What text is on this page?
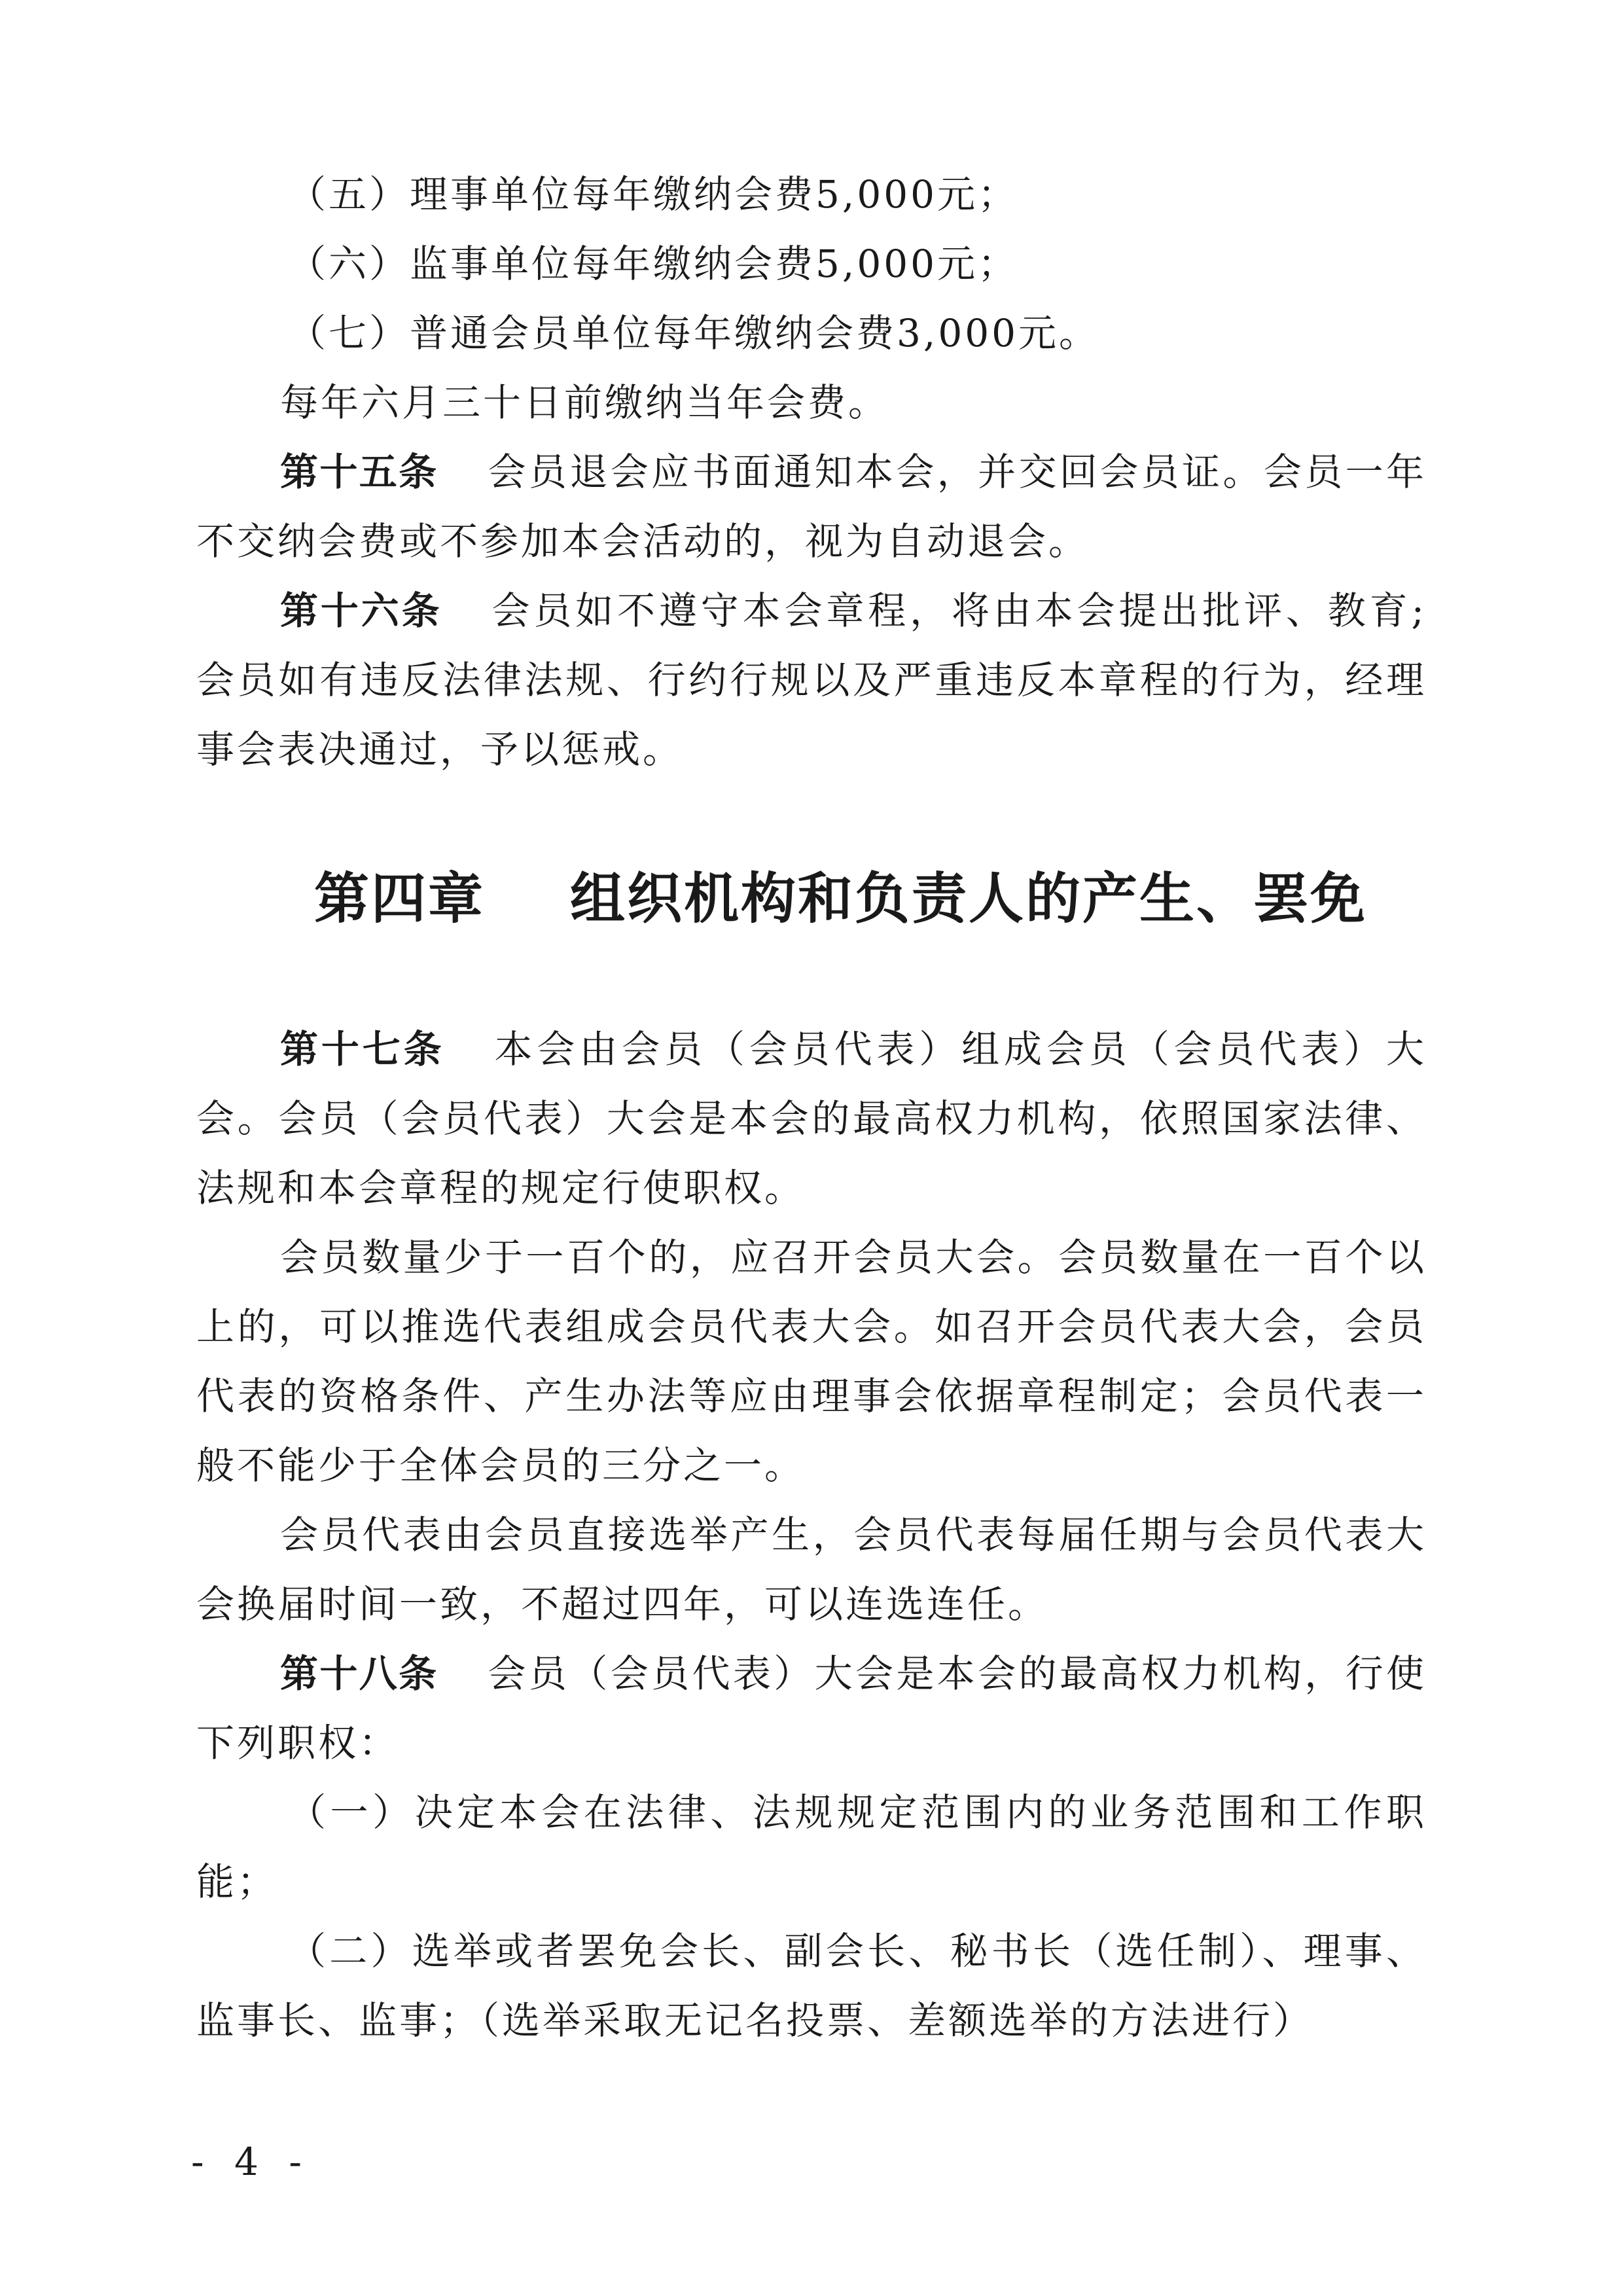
（五）理事单位每年缴纳会费5,000元；

（六）监事单位每年缴纳会费5,000元；

（七）普通会员单位每年缴纳会费3,000元。

每年六月三十日前缴纳当年会费。

第十五条 会员退会应书面通知本会，并交回会员证。会员一年不交纳会费或不参加本会活动的，视为自动退会。

第十六条 会员如不遵守本会章程，将由本会提出批评、教育;会员如有违反法律法规、行约行规以及严重违反本章程的行为，经理事会表决通过，予以惩戒。

第四章 组织机构和负责人的产生、罢免

第十七条 本会由会员（会员代表）组成会员（会员代表）大会。会员（会员代表）大会是本会的最高权力机构，依照国家法律、法规和本会章程的规定行使职权。

会员数量少于一百个的，应召开会员大会。会员数量在一百个以上的，可以推选代表组成会员代表大会。如召开会员代表大会，会员代表的资格条件、产生办法等应由理事会依据章程制定；会员代表一般不能少于全体会员的三分之一。

会员代表由会员直接选举产生，会员代表每届任期与会员代表大会换届时间一致，不超过四年，可以连选连任。

第十八条 会员（会员代表）大会是本会的最高权力机构，行使下列职权：

（一）决定本会在法律、法规规定范围内的业务范围和工作职能；

（二）选举或者罢免会长、副会长、秘书长（选任制）、理事、监事长、监事；（选举采取无记名投票、差额选举的方法进行）

- 4 -
